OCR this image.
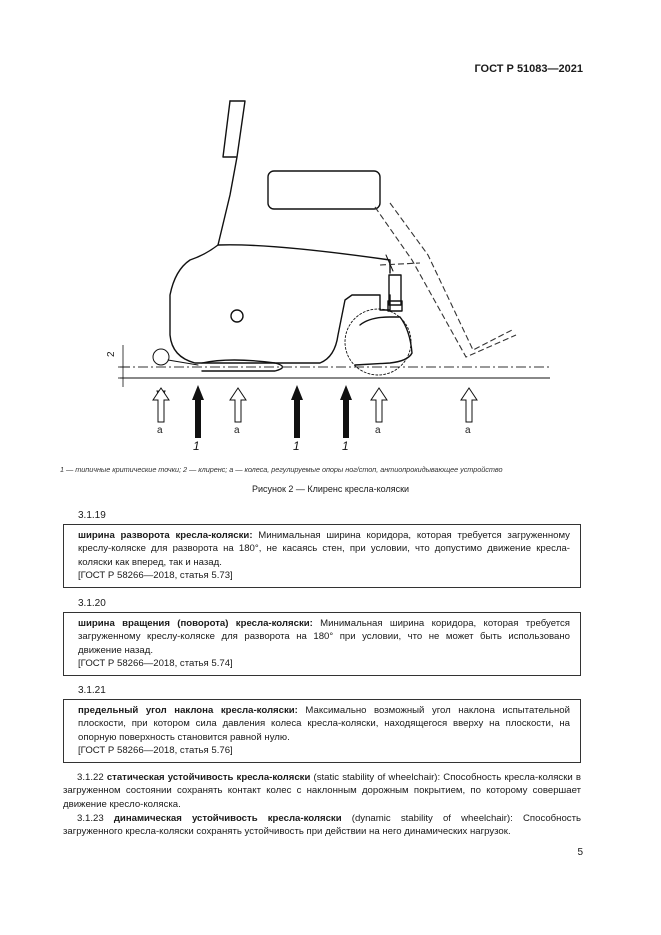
ГОСТ Р 51083—2021
2
a	a
1	1	1
a	a
1 — типичные критические точки; 2 — клиренс; a — колеса, регулируемые опоры ног/стоп, антиопрокидывающее устройство
Рисунок 2 — Клиренс кресла-коляски
3.1.19
ширина разворота кресла-коляски: Минимальная ширина коридора, которая требуется загруженному креслу-коляске для разворота на 180°, не касаясь стен, при условии, что допустимо движение кресла-коляски как вперед, так и назад.
[ГОСТ Р 58266—2018, статья 5.73]
3.1.20
ширина вращения (поворота) кресла-коляски: Минимальная ширина коридора, которая требуется загруженному креслу-коляске для разворота на 180° при условии, что не может быть использовано движение назад.
[ГОСТ Р 58266—2018, статья 5.74]
3.1.21
предельный угол наклона кресла-коляски: Максимально возможный угол наклона испытательной плоскости, при котором сила давления колеса кресла-коляски, находящегося вверху на плоскости, на опорную поверхность становится равной нулю.
[ГОСТ Р 58266—2018, статья 5.76]
3.1.22 статическая устойчивость кресла-коляски (static stability of wheelchair): Способность кресла-коляски в загруженном состоянии сохранять контакт колес с наклонным дорожным покрытием, по которому совершает движение кресло-коляска.
3.1.23 динамическая устойчивость кресла-коляски (dynamic stability of wheelchair): Способность загруженного кресла-коляски сохранять устойчивость при действии на него динамических нагрузок.
5
